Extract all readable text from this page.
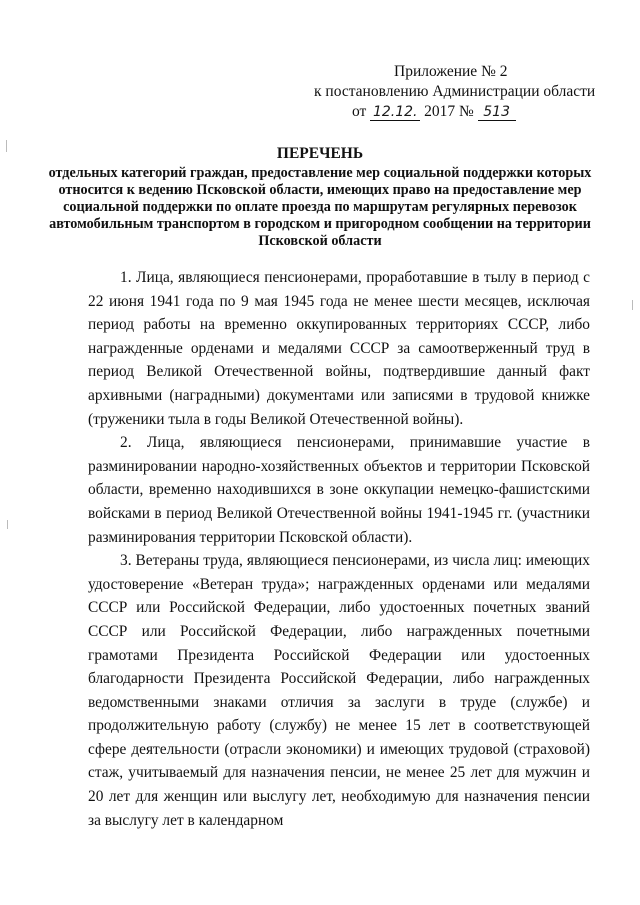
Приложение № 2
к постановлению Администрации области
от 12.12. 2017 № 513
ПЕРЕЧЕНЬ
отдельных категорий граждан, предоставление мер социальной поддержки которых относится к ведению Псковской области, имеющих право на предоставление мер социальной поддержки по оплате проезда по маршрутам регулярных перевозок автомобильным транспортом в городском и пригородном сообщении на территории Псковской области

1. Лица, являющиеся пенсионерами, проработавшие в тылу в период с 22 июня 1941 года по 9 мая 1945 года не менее шести месяцев, исключая период работы на временно оккупированных территориях СССР, либо награжденные орденами и медалями СССР за самоотверженный труд в период Великой Отечественной войны, подтвердившие данный факт архивными (наградными) документами или записями в трудовой книжке (труженики тыла в годы Великой Отечественной войны).

2. Лица, являющиеся пенсионерами, принимавшие участие в разминировании народно-хозяйственных объектов и территории Псковской области, временно находившихся в зоне оккупации немецко-фашистскими войсками в период Великой Отечественной войны 1941-1945 гг. (участники разминирования территории Псковской области).

3. Ветераны труда, являющиеся пенсионерами, из числа лиц: имеющих удостоверение «Ветеран труда»; награжденных орденами или медалями СССР или Российской Федерации, либо удостоенных почетных званий СССР или Российской Федерации, либо награжденных почетными грамотами Президента Российской Федерации или удостоенных благодарности Президента Российской Федерации, либо награжденных ведомственными знаками отличия за заслуги в труде (службе) и продолжительную работу (службу) не менее 15 лет в соответствующей сфере деятельности (отрасли экономики) и имеющих трудовой (страховой) стаж, учитываемый для назначения пенсии, не менее 25 лет для мужчин и 20 лет для женщин или выслугу лет, необходимую для назначения пенсии за выслугу лет в календарном
